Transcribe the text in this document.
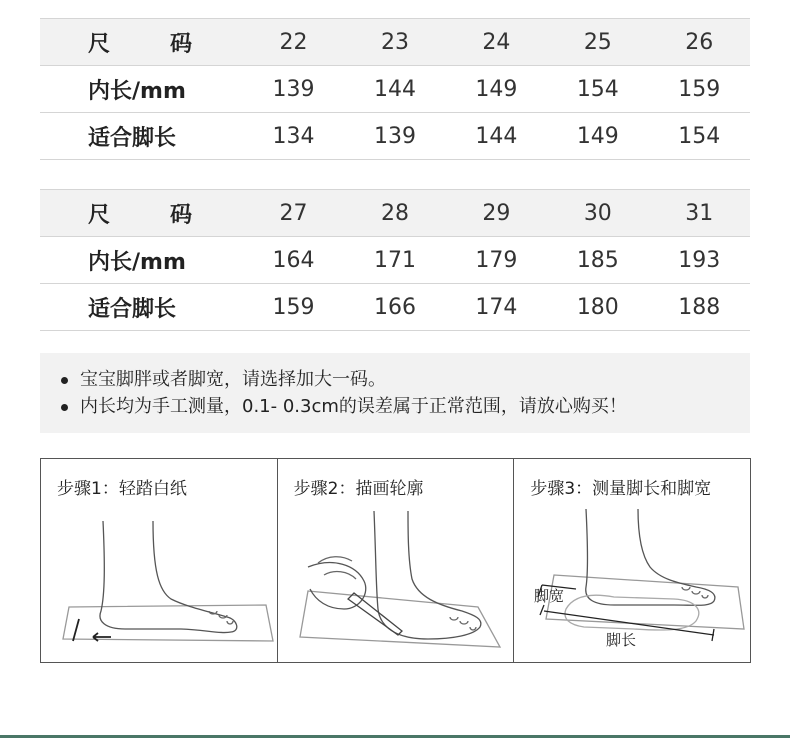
尺 码	22	23	24	25	26
内长/mm	139	144	149	154	159
适合脚长	134	139	144	149	154
尺 码	27	28	29	30	31
内长/mm	164	171	179	185	193
适合脚长	159	166	174	180	188
宝宝脚胖或者脚宽，请选择加大一码。
内长均为手工测量，0.1- 0.3cm的误差属于正常范围，请放心购买！
步骤1：轻踏白纸	步骤2：描画轮廓	步骤3：测量脚长和脚宽
脚宽
脚长
